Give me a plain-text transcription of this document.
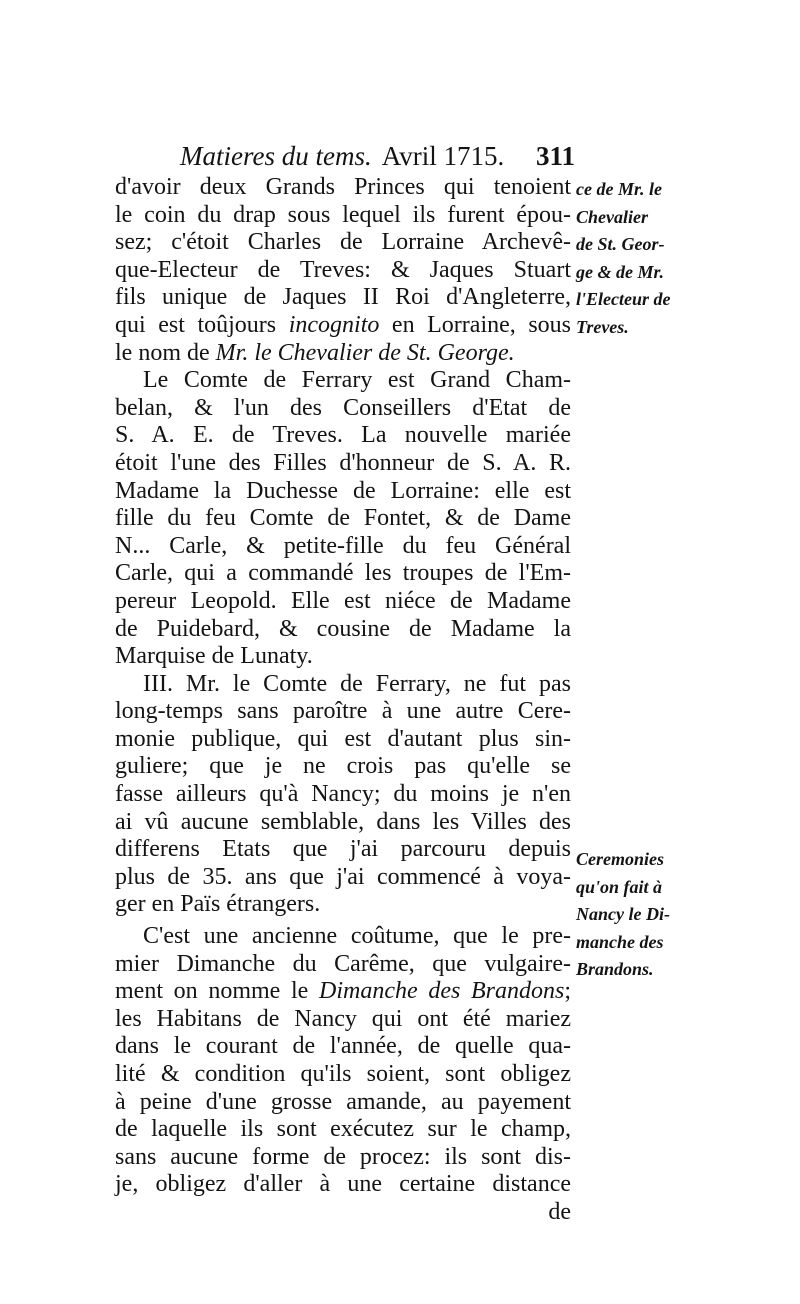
Matieres du tems. Avril 1715. 311
d'avoir deux Grands Princes qui tenoient
le coin du drap sous lequel ils furent épou-
sez; c'étoit Charles de Lorraine Archevê-
que-Electeur de Treves: & Jaques Stuart
fils unique de Jaques II Roi d'Angleterre,
qui est toûjours incognito en Lorraine, sous
le nom de Mr. le Chevalier de St. George.
Le Comte de Ferrary est Grand Cham-
belan, & l'un des Conseillers d'Etat de
S. A. E. de Treves. La nouvelle mariée
étoit l'une des Filles d'honneur de S. A. R.
Madame la Duchesse de Lorraine: elle est
fille du feu Comte de Fontet, & de Dame
N... Carle, & petite-fille du feu Général
Carle, qui a commandé les troupes de l'Em-
pereur Leopold. Elle est niéce de Madame
de Puidebard, & cousine de Madame la
Marquise de Lunaty.
III. Mr. le Comte de Ferrary, ne fut pas
long-temps sans paroître à une autre Cere-
monie publique, qui est d'autant plus sin-
guliere; que je ne crois pas qu'elle se
fasse ailleurs qu'à Nancy; du moins je n'en
ai vû aucune semblable, dans les Villes des
differens Etats que j'ai parcouru depuis
plus de 35. ans que j'ai commencé à voya-
ger en Païs étrangers.
C'est une ancienne coûtume, que le pre-
mier Dimanche du Carême, que vulgaire-
ment on nomme le Dimanche des Brandons;
les Habitans de Nancy qui ont été mariez
dans le courant de l'année, de quelle qua-
lité & condition qu'ils soient, sont obligez
à peine d'une grosse amande, au payement
de laquelle ils sont exécutez sur le champ,
sans aucune forme de procez: ils sont dis-
je, obligez d'aller à une certaine distance
de
ce de Mr. le
Chevalier
de St. Geor-
ge & de Mr.
l'Electeur de
Treves.
Ceremonies
qu'on fait à
Nancy le Di-
manche des
Brandons.
